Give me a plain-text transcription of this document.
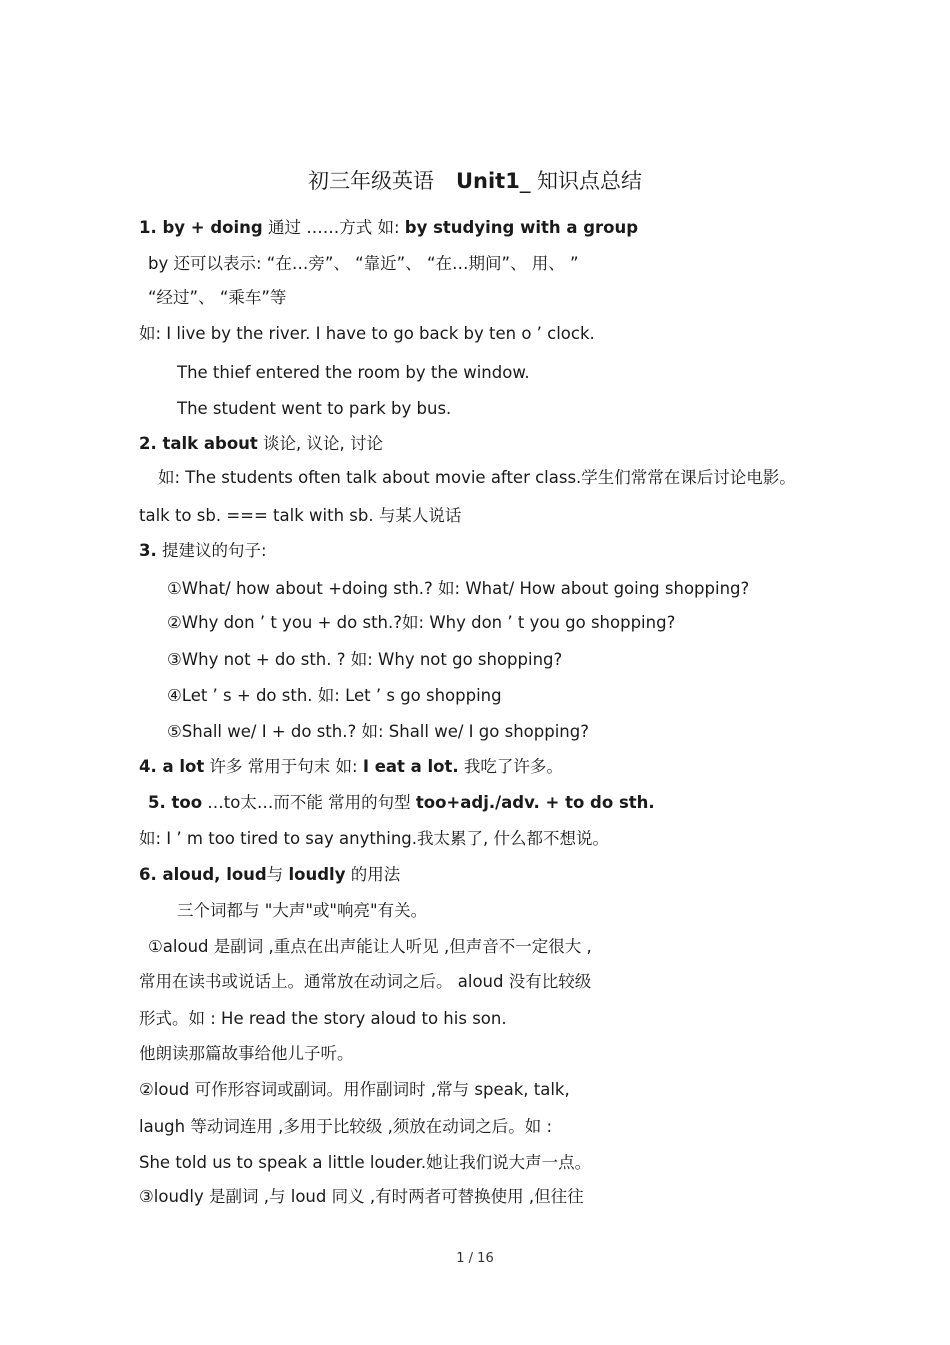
初三年级英语 Unit1_ 知识点总结
1. by + doing 通过 ……方式 如: by studying with a group
by 还可以表示: “在…旁”、 “靠近”、 “在…期间”、 用、 ”
“经过”、 “乘车”等
如: I live by the river. I have to go back by ten o ’ clock.
The thief entered the room by the window.
The student went to park by bus.
2. talk about 谈论, 议论, 讨论
如: The students often talk about movie after class.学生们常常在课后讨论电影。
talk to sb. === talk with sb. 与某人说话
3. 提建议的句子:
①What/ how about +doing sth.? 如: What/ How about going shopping?
②Why don ’ t you + do sth.?如: Why don ’ t you go shopping?
③Why not + do sth. ? 如: Why not go shopping?
④Let ’ s + do sth. 如: Let ’ s go shopping
⑤Shall we/ I + do sth.? 如: Shall we/ I go shopping?
4. a lot 许多 常用于句末 如: I eat a lot. 我吃了许多。
5. too …to太…而不能 常用的句型 too+adj./adv. + to do sth.
如: I ’ m too tired to say anything.我太累了, 什么都不想说。
6. aloud, loud与 loudly 的用法
三个词都与 "大声"或"响亮"有关。
①aloud 是副词 ,重点在出声能让人听见 ,但声音不一定很大 ,
常用在读书或说话上。通常放在动词之后。 aloud 没有比较级
形式。如 : He read the story aloud to his son.
他朗读那篇故事给他儿子听。
②loud 可作形容词或副词。用作副词时 ,常与 speak, talk,
laugh 等动词连用 ,多用于比较级 ,须放在动词之后。如 :
She told us to speak a little louder.她让我们说大声一点。
③loudly 是副词 ,与 loud 同义 ,有时两者可替换使用 ,但往往
1 / 16
